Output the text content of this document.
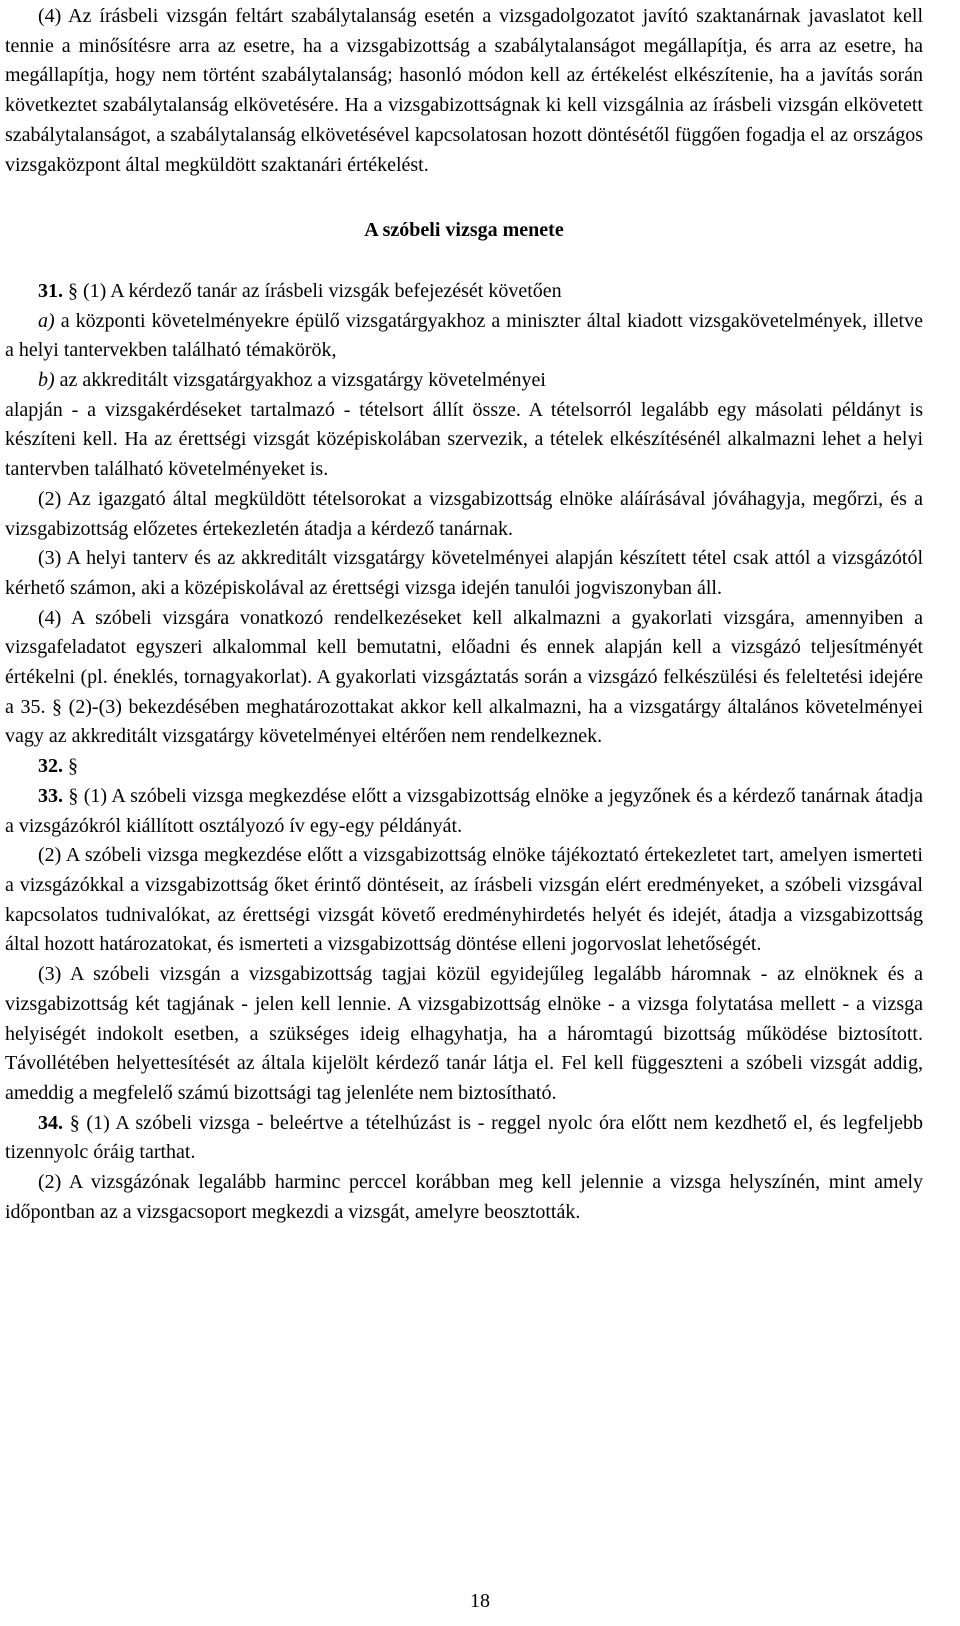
(4) Az írásbeli vizsgán feltárt szabálytalanság esetén a vizsgadolgozatot javító szaktanárnak javaslatot kell tennie a minősítésre arra az esetre, ha a vizsgabizottság a szabálytalanságot megállapítja, és arra az esetre, ha megállapítja, hogy nem történt szabálytalanság; hasonló módon kell az értékelést elkészítenie, ha a javítás során következtet szabálytalanság elkövetésére. Ha a vizsgabizottságnak ki kell vizsgálnia az írásbeli vizsgán elkövetett szabálytalanságot, a szabálytalanság elkövetésével kapcsolatosan hozott döntésétől függően fogadja el az országos vizsgaközpont által megküldött szaktanári értékelést.

A szóbeli vizsga menete

31. § (1) A kérdező tanár az írásbeli vizsgák befejezését követően

a) a központi követelményekre épülő vizsgatárgyakhoz a miniszter által kiadott vizsgakövetelmények, illetve a helyi tantervekben található témakörök,

b) az akkreditált vizsgatárgyakhoz a vizsgatárgy követelményei

alapján - a vizsgakérdéseket tartalmazó - tételsort állít össze. A tételsorról legalább egy másolati példányt is készíteni kell. Ha az érettségi vizsgát középiskolában szervezik, a tételek elkészítésénél alkalmazni lehet a helyi tantervben található követelményeket is.

(2) Az igazgató által megküldött tételsorokat a vizsgabizottság elnöke aláírásával jóváhagyja, megőrzi, és a vizsgabizottság előzetes értekezletén átadja a kérdező tanárnak.

(3) A helyi tanterv és az akkreditált vizsgatárgy követelményei alapján készített tétel csak attól a vizsgázótól kérhető számon, aki a középiskolával az érettségi vizsga idején tanulói jogviszonyban áll.

(4) A szóbeli vizsgára vonatkozó rendelkezéseket kell alkalmazni a gyakorlati vizsgára, amennyiben a vizsgafeladatot egyszeri alkalommal kell bemutatni, előadni és ennek alapján kell a vizsgázó teljesítményét értékelni (pl. éneklés, tornagyakorlat). A gyakorlati vizsgáztatás során a vizsgázó felkészülési és feleltetési idejére a 35. § (2)-(3) bekezdésében meghatározottakat akkor kell alkalmazni, ha a vizsgatárgy általános követelményei vagy az akkreditált vizsgatárgy követelményei eltérően nem rendelkeznek.

32. §

33. § (1) A szóbeli vizsga megkezdése előtt a vizsgabizottság elnöke a jegyzőnek és a kérdező tanárnak átadja a vizsgázókról kiállított osztályozó ív egy-egy példányát.

(2) A szóbeli vizsga megkezdése előtt a vizsgabizottság elnöke tájékoztató értekezletet tart, amelyen ismerteti a vizsgázókkal a vizsgabizottság őket érintő döntéseit, az írásbeli vizsgán elért eredményeket, a szóbeli vizsgával kapcsolatos tudnivalókat, az érettségi vizsgát követő eredményhirdetés helyét és idejét, átadja a vizsgabizottság által hozott határozatokat, és ismerteti a vizsgabizottság döntése elleni jogorvoslat lehetőségét.

(3) A szóbeli vizsgán a vizsgabizottság tagjai közül egyidejűleg legalább háromnak - az elnöknek és a vizsgabizottság két tagjának - jelen kell lennie. A vizsgabizottság elnöke - a vizsga folytatása mellett - a vizsga helyiségét indokolt esetben, a szükséges ideig elhagyhatja, ha a háromtagú bizottság működése biztosított. Távollétében helyettesítését az általa kijelölt kérdező tanár látja el. Fel kell függeszteni a szóbeli vizsgát addig, ameddig a megfelelő számú bizottsági tag jelenléte nem biztosítható.

34. § (1) A szóbeli vizsga - beleértve a tételhúzást is - reggel nyolc óra előtt nem kezdhető el, és legfeljebb tizennyolc óráig tarthat.

(2) A vizsgázónak legalább harminc perccel korábban meg kell jelennie a vizsga helyszínén, mint amely időpontban az a vizsgacsoport megkezdi a vizsgát, amelyre beosztották.

18
